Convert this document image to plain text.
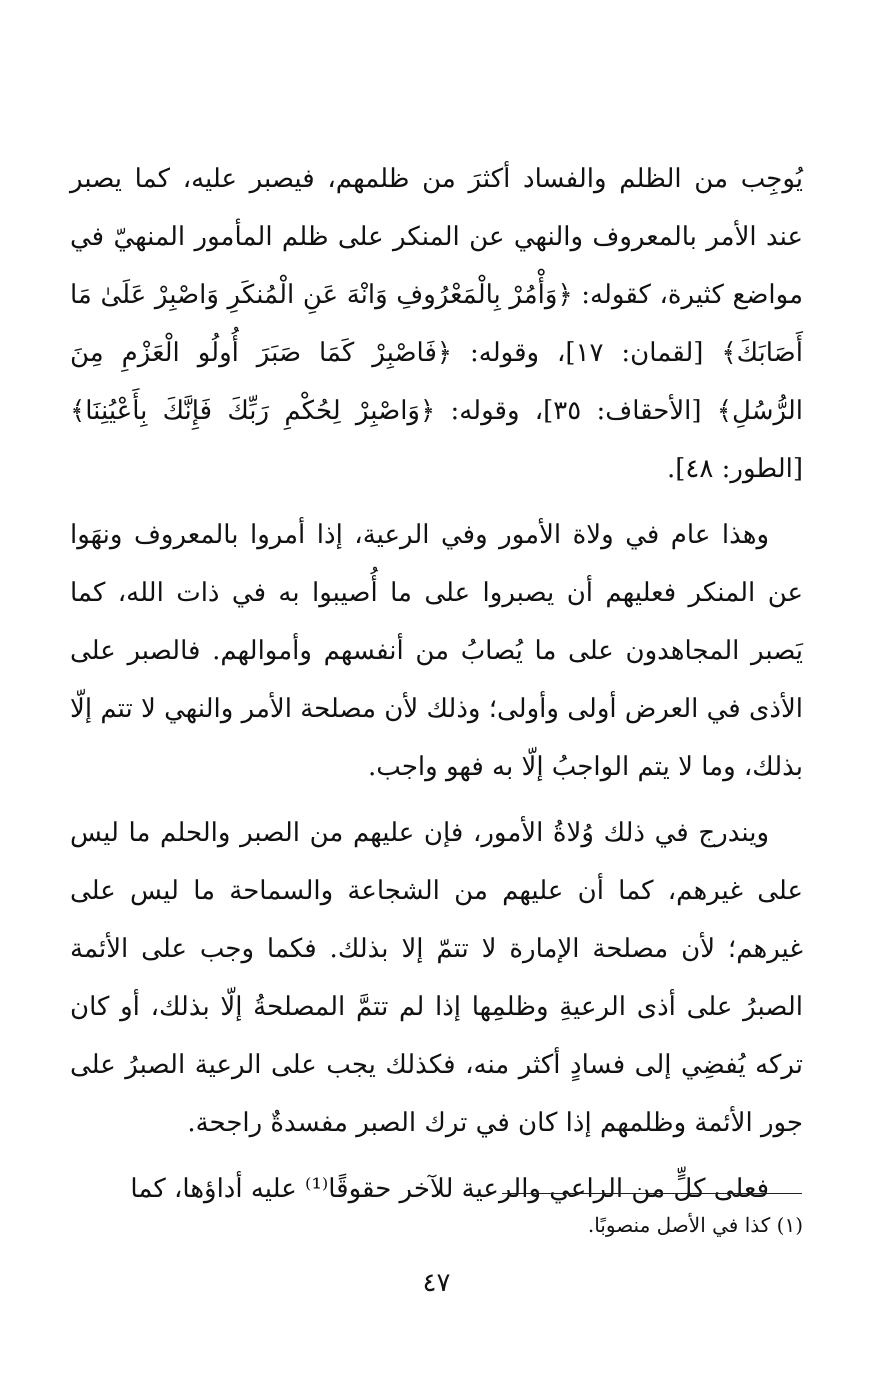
يُوجِب من الظلم والفساد أكثرَ من ظلمهم، فيصبر عليه، كما يصبر عند الأمر بالمعروف والنهي عن المنكر على ظلم المأمور المنهيّ في مواضع كثيرة، كقوله: ﴿وَأْمُرْ بِالْمَعْرُوفِ وَانْهَ عَنِ الْمُنكَرِ وَاصْبِرْ عَلَىٰ مَا أَصَابَكَ﴾ [لقمان: ١٧]، وقوله: ﴿فَاصْبِرْ كَمَا صَبَرَ أُولُو الْعَزْمِ مِنَ الرُّسُلِ﴾ [الأحقاف: ٣٥]، وقوله: ﴿وَاصْبِرْ لِحُكْمِ رَبِّكَ فَإِنَّكَ بِأَعْيُنِنَا﴾ [الطور: ٤٨].

وهذا عام في ولاة الأمور وفي الرعية، إذا أمروا بالمعروف ونهَوا عن المنكر فعليهم أن يصبروا على ما أُصيبوا به في ذات الله، كما يَصبر المجاهدون على ما يُصابُ من أنفسهم وأموالهم. فالصبر على الأذى في العرض أولى وأولى؛ وذلك لأن مصلحة الأمر والنهي لا تتم إلّا بذلك، وما لا يتم الواجبُ إلّا به فهو واجب.

ويندرج في ذلك وُلاةُ الأمور، فإن عليهم من الصبر والحلم ما ليس على غيرهم، كما أن عليهم من الشجاعة والسماحة ما ليس على غيرهم؛ لأن مصلحة الإمارة لا تتمّ إلا بذلك. فكما وجب على الأئمة الصبرُ على أذى الرعيةِ وظلمِها إذا لم تتمَّ المصلحةُ إلّا بذلك، أو كان تركه يُفضِي إلى فسادٍ أكثر منه، فكذلك يجب على الرعية الصبرُ على جور الأئمة وظلمهم إذا كان في ترك الصبر مفسدةٌ راجحة.

فعلى كلٍّ من الراعي والرعية للآخر حقوقًا⁽¹⁾ عليه أداؤها، كما

(١) كذا في الأصل منصوبًا.
٤٧
